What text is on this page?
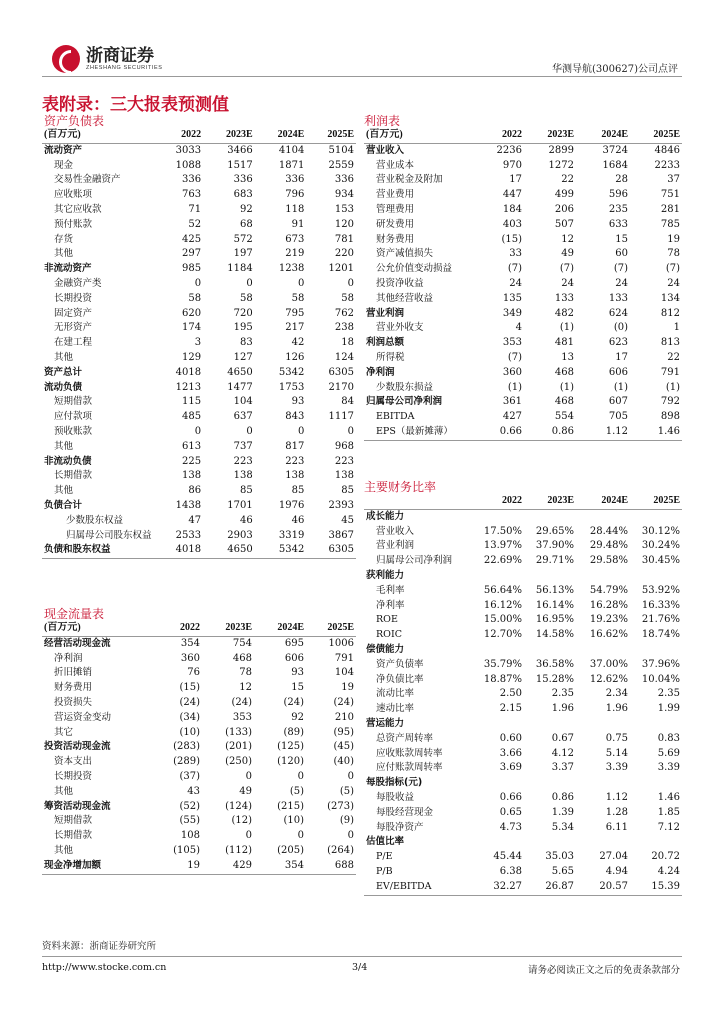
浙商证券
ZHESHANG SECURITIES	华测导航(300627)公司点评
表附录：三大报表预测值
资产负债表
(百万元)	2022	2023E	2024E	2025E
流动资产	3033	3466	4104	5104
现金	1088	1517	1871	2559
交易性金融资产	336	336	336	336
应收账项	763	683	796	934
其它应收款	71	92	118	153
预付账款	52	68	91	120
存货	425	572	673	781
其他	297	197	219	220
非流动资产	985	1184	1238	1201
金融资产类	0	0	0	0
长期投资	58	58	58	58
固定资产	620	720	795	762
无形资产	174	195	217	238
在建工程	3	83	42	18
其他	129	127	126	124
资产总计	4018	4650	5342	6305
流动负债	1213	1477	1753	2170
短期借款	115	104	93	84
应付款项	485	637	843	1117
预收账款	0	0	0	0
其他	613	737	817	968
非流动负债	225	223	223	223
长期借款	138	138	138	138
其他	86	85	85	85
负债合计	1438	1701	1976	2393
少数股东权益	47	46	46	45
归属母公司股东权益	2533	2903	3319	3867
负债和股东权益	4018	4650	5342	6305
利润表
(百万元)	2022	2023E	2024E	2025E
营业收入	2236	2899	3724	4846
营业成本	970	1272	1684	2233
营业税金及附加	17	22	28	37
营业费用	447	499	596	751
管理费用	184	206	235	281
研发费用	403	507	633	785
财务费用	(15)	12	15	19
资产减值损失	33	49	60	78
公允价值变动损益	(7)	(7)	(7)	(7)
投资净收益	24	24	24	24
其他经营收益	135	133	133	134
营业利润	349	482	624	812
营业外收支	4	(1)	(0)	1
利润总额	353	481	623	813
所得税	(7)	13	17	22
净利润	360	468	606	791
少数股东损益	(1)	(1)	(1)	(1)
归属母公司净利润	361	468	607	792
EBITDA	427	554	705	898
EPS（最新摊薄）	0.66	0.86	1.12	1.46
现金流量表
(百万元)	2022	2023E	2024E	2025E
经营活动现金流	354	754	695	1006
净利润	360	468	606	791
折旧摊销	76	78	93	104
财务费用	(15)	12	15	19
投资损失	(24)	(24)	(24)	(24)
营运资金变动	(34)	353	92	210
其它	(10)	(133)	(89)	(95)
投资活动现金流	(283)	(201)	(125)	(45)
资本支出	(289)	(250)	(120)	(40)
长期投资	(37)	0	0	0
其他	43	49	(5)	(5)
筹资活动现金流	(52)	(124)	(215)	(273)
短期借款	(55)	(12)	(10)	(9)
长期借款	108	0	0	0
其他	(105)	(112)	(205)	(264)
现金净增加额	19	429	354	688
主要财务比率
	2022	2023E	2024E	2025E
成长能力				
营业收入	17.50%	29.65%	28.44%	30.12%
营业利润	13.97%	37.90%	29.48%	30.24%
归属母公司净利润	22.69%	29.71%	29.58%	30.45%
获利能力				
毛利率	56.64%	56.13%	54.79%	53.92%
净利率	16.12%	16.14%	16.28%	16.33%
ROE	15.00%	16.95%	19.23%	21.76%
ROIC	12.70%	14.58%	16.62%	18.74%
偿债能力				
资产负债率	35.79%	36.58%	37.00%	37.96%
净负债比率	18.87%	15.28%	12.62%	10.04%
流动比率	2.50	2.35	2.34	2.35
速动比率	2.15	1.96	1.96	1.99
营运能力				
总资产周转率	0.60	0.67	0.75	0.83
应收账款周转率	3.66	4.12	5.14	5.69
应付账款周转率	3.69	3.37	3.39	3.39
每股指标(元)				
每股收益	0.66	0.86	1.12	1.46
每股经营现金	0.65	1.39	1.28	1.85
每股净资产	4.73	5.34	6.11	7.12
估值比率				
P/E	45.44	35.03	27.04	20.72
P/B	6.38	5.65	4.94	4.24
EV/EBITDA	32.27	26.87	20.57	15.39
资料来源：浙商证券研究所
http://www.stocke.com.cn	3/4	请务必阅读正文之后的免责条款部分
